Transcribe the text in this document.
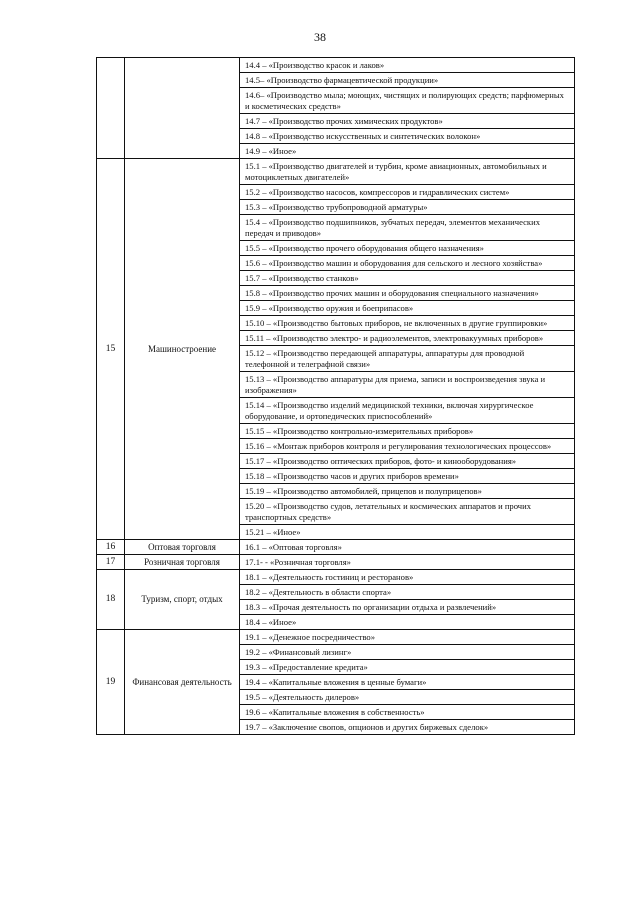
38
		14.4 – «Производство красок и лаков»
		14.5– «Производство фармацевтической продукции»
		14.6– «Производство мыла; моющих, чистящих и полирующих средств; парфюмерных и косметических средств»
		14.7 – «Производство прочих химических продуктов»
		14.8 – «Производство искусственных и синтетических волокон»
		14.9 – «Иное»
15	Машиностроение	15.1 – «Производство двигателей и турбин, кроме авиационных, автомобильных и мотоциклетных двигателей»
		15.2 – «Производство насосов, компрессоров и гидравлических систем»
		15.3 – «Производство трубопроводной арматуры»
		15.4 – «Производство подшипников, зубчатых передач, элементов механических передач и приводов»
		15.5 – «Производство прочего оборудования общего назначения»
		15.6 – «Производство машин и оборудования для сельского и лесного хозяйства»
		15.7 – «Производство станков»
		15.8 – «Производство прочих машин и оборудования специального назначения»
		15.9 – «Производство оружия и боеприпасов»
		15.10 – «Производство бытовых приборов, не включенных в другие группировки»
		15.11 – «Производство электро- и радиоэлементов, электровакуумных приборов»
		15.12 – «Производство передающей аппаратуры, аппаратуры для проводной телефонной и телеграфной связи»
		15.13 – «Производство аппаратуры для приема, записи и воспроизведения звука и изображения»
		15.14 – «Производство изделий медицинской техники, включая хирургическое оборудование, и ортопедических приспособлений»
		15.15 – «Производство контрольно-измерительных приборов»
		15.16 – «Монтаж приборов контроля и регулирования технологических процессов»
		15.17 – «Производство оптических приборов, фото- и кинооборудования»
		15.18 – «Производство часов и других приборов времени»
		15.19 – «Производство автомобилей, прицепов и полуприцепов»
		15.20 – «Производство судов, летательных и космических аппаратов и прочих транспортных средств»
		15.21 – «Иное»
16	Оптовая торговля	16.1 – «Оптовая торговля»
17	Розничная торговля	17.1- - «Розничная торговля»
18	Туризм, спорт, отдых	18.1 – «Деятельность гостиниц и ресторанов»
		18.2 – «Деятельность в области спорта»
		18.3 – «Прочая деятельность по организации отдыха и развлечений»
		18.4 – «Иное»
19	Финансовая деятельность	19.1 – «Денежное посредничество»
		19.2 – «Финансовый лизинг»
		19.3 – «Предоставление кредита»
		19.4 – «Капитальные вложения в ценные бумаги»
		19.5 – «Деятельность дилеров»
		19.6 – «Капитальные вложения в собственность»
		19.7 – «Заключение свопов, опционов и других биржевых сделок»
